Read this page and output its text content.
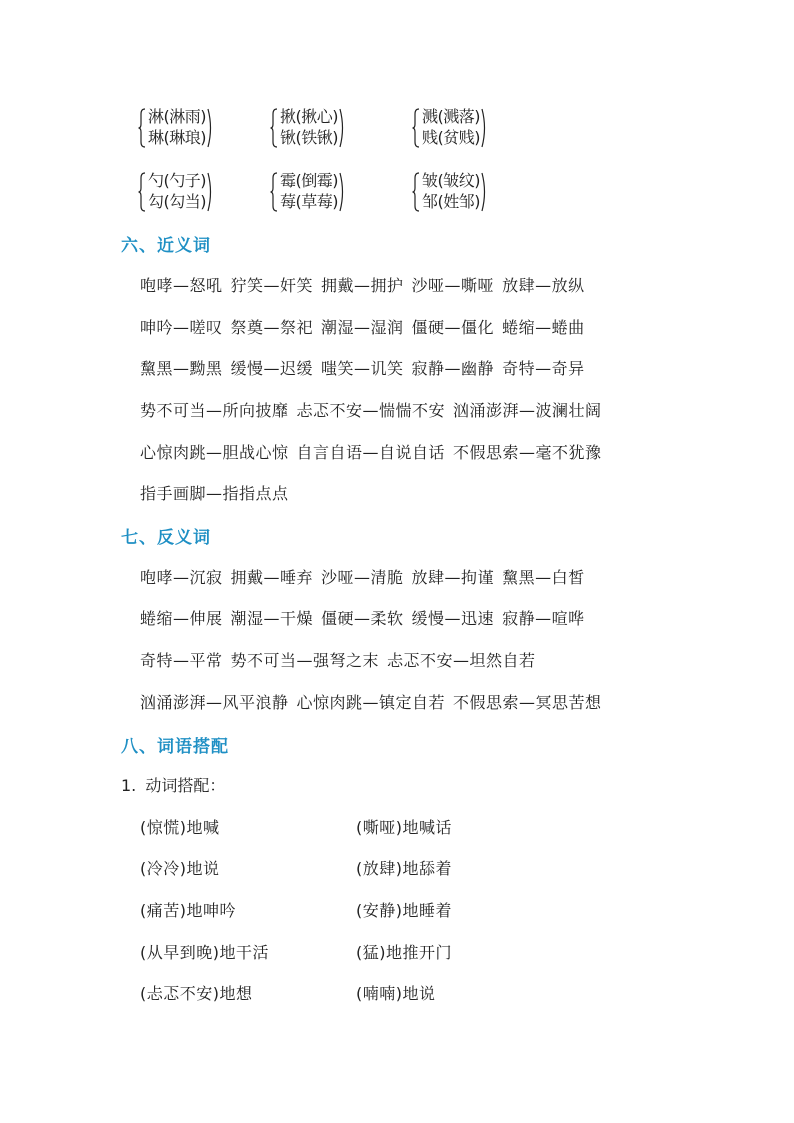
淋(淋雨)
琳(琳琅)
揪(揪心)
锹(铁锹)
溅(溅落)
贱(贫贱)
勺(勺子)
勾(勾当)
霉(倒霉)
莓(草莓)
皱(皱纹)
邹(姓邹)
六、近义词
咆哮—怒吼 狞笑—奸笑 拥戴—拥护 沙哑—嘶哑 放肆—放纵
呻吟—嗟叹 祭奠—祭祀 潮湿—湿润 僵硬—僵化 蜷缩—蜷曲
黧黑—黝黑 缓慢—迟缓 嗤笑—讥笑 寂静—幽静 奇特—奇异
势不可当—所向披靡 忐忑不安—惴惴不安 汹涌澎湃—波澜壮阔
心惊肉跳—胆战心惊 自言自语—自说自话 不假思索—毫不犹豫
指手画脚—指指点点
七、反义词
咆哮—沉寂 拥戴—唾弃 沙哑—清脆 放肆—拘谨 黧黑—白皙
蜷缩—伸展 潮湿—干燥 僵硬—柔软 缓慢—迅速 寂静—喧哗
奇特—平常 势不可当—强弩之末 忐忑不安—坦然自若
汹涌澎湃—风平浪静 心惊肉跳—镇定自若 不假思索—冥思苦想
八、词语搭配
1. 动词搭配：
(惊慌)地喊	(嘶哑)地喊话
(冷冷)地说	(放肆)地舔着
(痛苦)地呻吟	(安静)地睡着
(从早到晚)地干活	(猛)地推开门
(忐忑不安)地想	(喃喃)地说
